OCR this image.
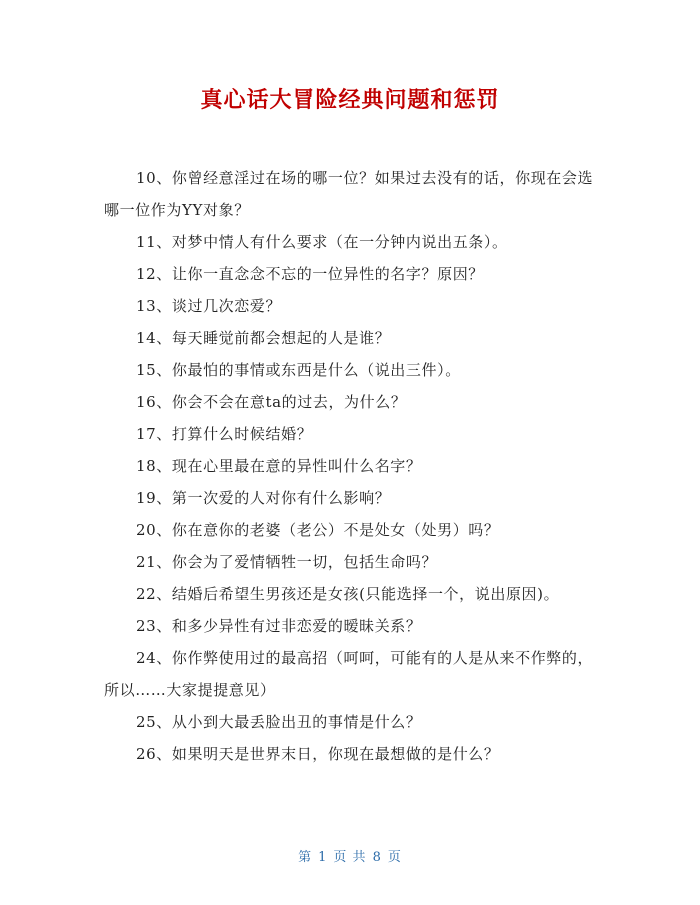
真心话大冒险经典问题和惩罚

10、你曾经意淫过在场的哪一位？如果过去没有的话，你现在会选哪一位作为YY对象？

11、对梦中情人有什么要求（在一分钟内说出五条）。

12、让你一直念念不忘的一位异性的名字？原因？

13、谈过几次恋爱？

14、每天睡觉前都会想起的人是谁？

15、你最怕的事情或东西是什么（说出三件）。

16、你会不会在意ta的过去，为什么？

17、打算什么时候结婚？

18、现在心里最在意的异性叫什么名字？

19、第一次爱的人对你有什么影响？

20、你在意你的老婆（老公）不是处女（处男）吗？

21、你会为了爱情牺牲一切，包括生命吗？

22、结婚后希望生男孩还是女孩(只能选择一个，说出原因)。

23、和多少异性有过非恋爱的暧昧关系？

24、你作弊使用过的最高招（呵呵，可能有的人是从来不作弊的，所以……大家提提意见）

25、从小到大最丢脸出丑的事情是什么？

26、如果明天是世界末日，你现在最想做的是什么？

第 1 页 共 8 页
